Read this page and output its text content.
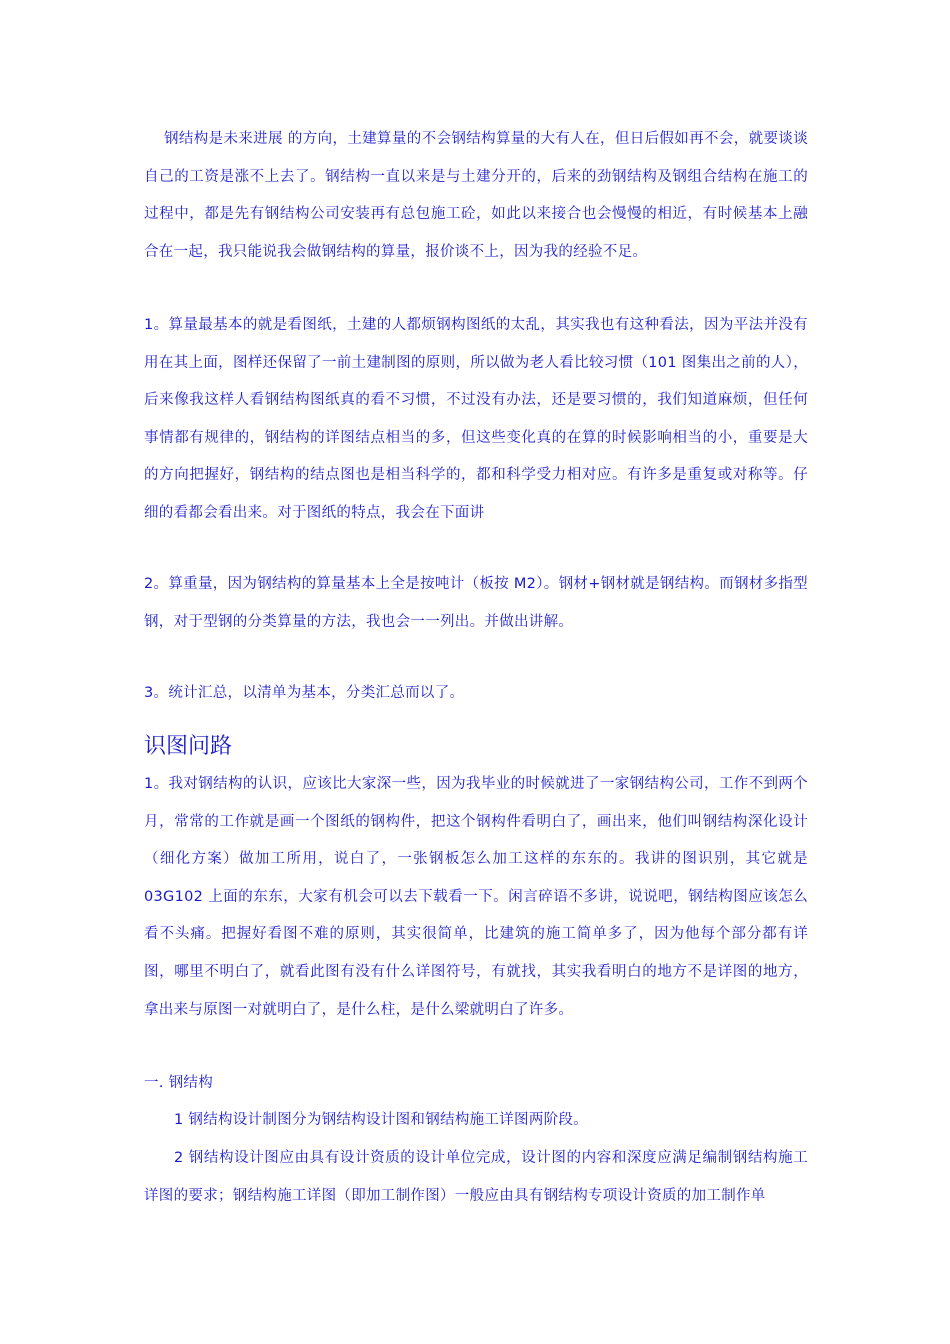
钢结构是未来进展 的方向，土建算量的不会钢结构算量的大有人在，但日后假如再不会，就要谈谈自己的工资是涨不上去了。钢结构一直以来是与土建分开的，后来的劲钢结构及钢组合结构在施工的过程中，都是先有钢结构公司安装再有总包施工砼，如此以来接合也会慢慢的相近，有时候基本上融合在一起，我只能说我会做钢结构的算量，报价谈不上，因为我的经验不足。

1。算量最基本的就是看图纸，土建的人都烦钢构图纸的太乱，其实我也有这种看法，因为平法并没有用在其上面，图样还保留了一前土建制图的原则，所以做为老人看比较习惯（101 图集出之前的人），后来像我这样人看钢结构图纸真的看不习惯，不过没有办法，还是要习惯的，我们知道麻烦，但任何事情都有规律的，钢结构的详图结点相当的多，但这些变化真的在算的时候影响相当的小，重要是大的方向把握好，钢结构的结点图也是相当科学的，都和科学受力相对应。有许多是重复或对称等。仔细的看都会看出来。对于图纸的特点，我会在下面讲

2。算重量，因为钢结构的算量基本上全是按吨计（板按 M2）。钢材+钢材就是钢结构。而钢材多指型钢，对于型钢的分类算量的方法，我也会一一列出。并做出讲解。

3。统计汇总，以清单为基本，分类汇总而以了。

识图问路

1。我对钢结构的认识，应该比大家深一些，因为我毕业的时候就进了一家钢结构公司，工作不到两个月，常常的工作就是画一个图纸的钢构件，把这个钢构件看明白了，画出来，他们叫钢结构深化设计（细化方案）做加工所用，说白了，一张钢板怎么加工这样的东东的。我讲的图识别，其它就是 03G102 上面的东东，大家有机会可以去下载看一下。闲言碎语不多讲，说说吧，钢结构图应该怎么看不头痛。把握好看图不难的原则，其实很简单，比建筑的施工简单多了，因为他每个部分都有详图，哪里不明白了，就看此图有没有什么详图符号，有就找，其实我看明白的地方不是详图的地方，拿出来与原图一对就明白了，是什么柱，是什么梁就明白了许多。

一. 钢结构

1 钢结构设计制图分为钢结构设计图和钢结构施工详图两阶段。

2 钢结构设计图应由具有设计资质的设计单位完成，设计图的内容和深度应满足编制钢结构施工详图的要求；钢结构施工详图（即加工制作图）一般应由具有钢结构专项设计资质的加工制作单
